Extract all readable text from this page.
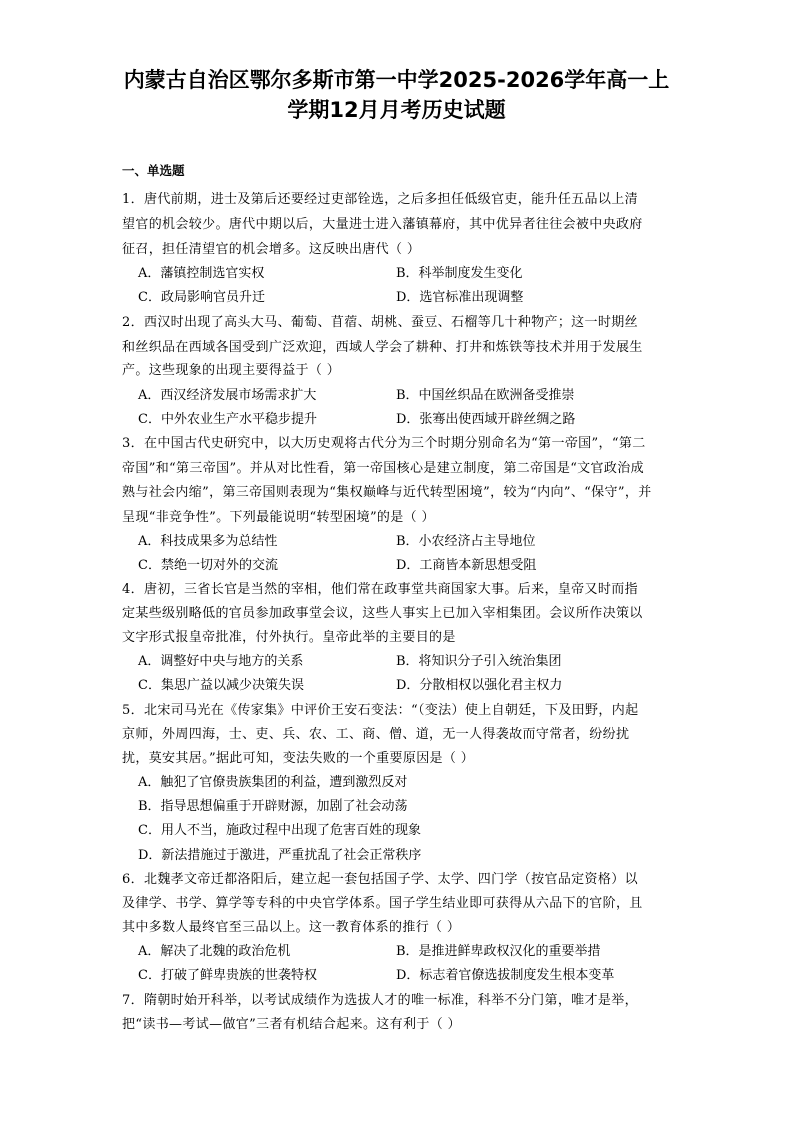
内蒙古自治区鄂尔多斯市第一中学2025-2026学年高一上
学期12月月考历史试题
一、单选题
1．唐代前期，进士及第后还要经过吏部铨选，之后多担任低级官吏，能升任五品以上清
望官的机会较少。唐代中期以后，大量进士进入藩镇幕府，其中优异者往往会被中央政府
征召，担任清望官的机会增多。这反映出唐代（ ）
A．藩镇控制选官实权	B．科举制度发生变化
C．政局影响官员升迁	D．选官标准出现调整
2．西汉时出现了高头大马、葡萄、苜蓿、胡桃、蚕豆、石榴等几十种物产；这一时期丝
和丝织品在西域各国受到广泛欢迎，西域人学会了耕种、打井和炼铁等技术并用于发展生
产。这些现象的出现主要得益于（ ）
A．西汉经济发展市场需求扩大	B．中国丝织品在欧洲备受推崇
C．中外农业生产水平稳步提升	D．张骞出使西域开辟丝绸之路
3．在中国古代史研究中，以大历史观将古代分为三个时期分别命名为“第一帝国”，“第二
帝国”和“第三帝国”。并从对比性看，第一帝国核心是建立制度，第二帝国是“文官政治成
熟与社会内缩”，第三帝国则表现为“集权巅峰与近代转型困境”，较为“内向”、“保守”，并
呈现“非竞争性”。下列最能说明“转型困境”的是（ ）
A．科技成果多为总结性	B．小农经济占主导地位
C．禁绝一切对外的交流	D．工商皆本新思想受阻
4．唐初，三省长官是当然的宰相，他们常在政事堂共商国家大事。后来，皇帝又时而指
定某些级别略低的官员参加政事堂会议，这些人事实上已加入宰相集团。会议所作决策以
文字形式报皇帝批准，付外执行。皇帝此举的主要目的是
A．调整好中央与地方的关系	B．将知识分子引入统治集团
C．集思广益以减少决策失误	D．分散相权以强化君主权力
5．北宋司马光在《传家集》中评价王安石变法：“（变法）使上自朝廷，下及田野，内起
京师，外周四海，士、吏、兵、农、工、商、僧、道，无一人得袭故而守常者，纷纷扰
扰，莫安其居。”据此可知，变法失败的一个重要原因是（ ）
A．触犯了官僚贵族集团的利益，遭到激烈反对
B．指导思想偏重于开辟财源，加剧了社会动荡
C．用人不当，施政过程中出现了危害百姓的现象
D．新法措施过于激进，严重扰乱了社会正常秩序
6．北魏孝文帝迁都洛阳后，建立起一套包括国子学、太学、四门学（按官品定资格）以
及律学、书学、算学等专科的中央官学体系。国子学生结业即可获得从六品下的官阶，且
其中多数人最终官至三品以上。这一教育体系的推行（ ）
A．解决了北魏的政治危机	B．是推进鲜卑政权汉化的重要举措
C．打破了鲜卑贵族的世袭特权	D．标志着官僚选拔制度发生根本变革
7．隋朝时始开科举，以考试成绩作为选拔人才的唯一标准，科举不分门第，唯才是举，
把“读书—考试—做官”三者有机结合起来。这有利于（ ）
